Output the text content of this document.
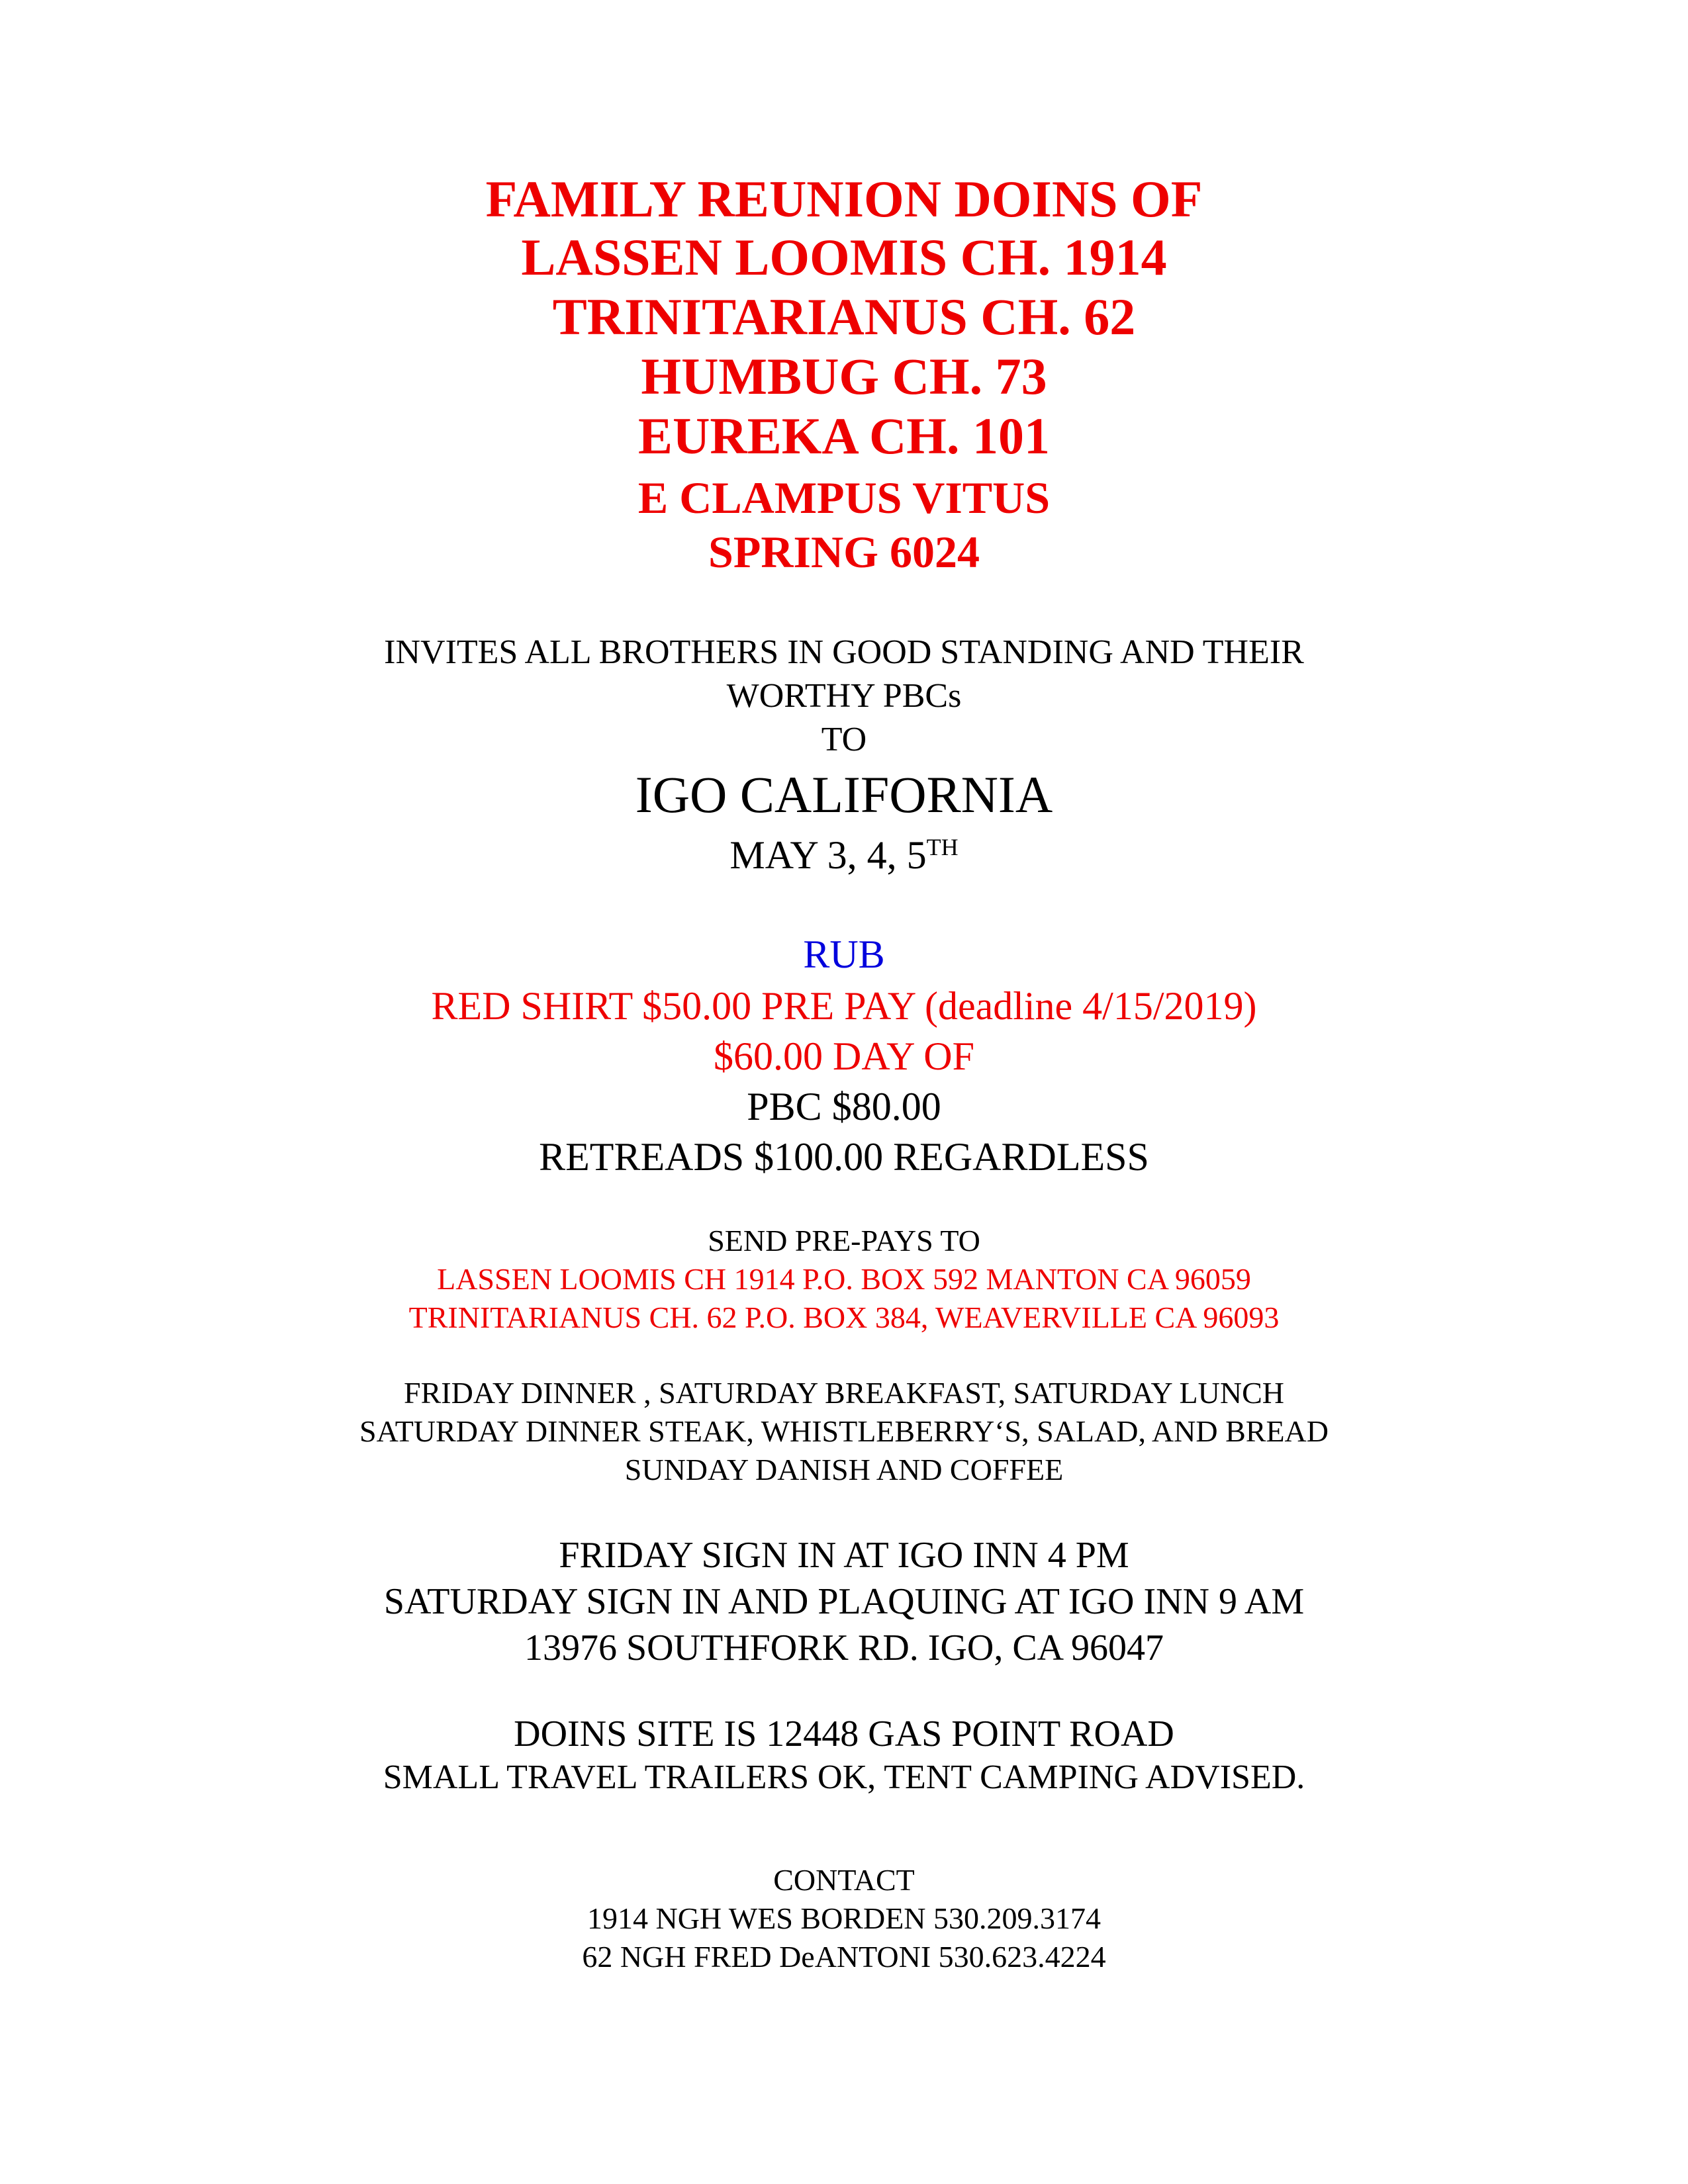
FAMILY REUNION DOINS OF
LASSEN LOOMIS CH. 1914
TRINITARIANUS CH. 62
HUMBUG CH. 73
EUREKA CH. 101
E CLAMPUS VITUS
SPRING 6024
INVITES ALL BROTHERS IN GOOD STANDING AND THEIR
WORTHY PBCs
TO
IGO CALIFORNIA
MAY 3, 4, 5TH
RUB
RED SHIRT $50.00 PRE PAY (deadline 4/15/2019)
$60.00 DAY OF
PBC $80.00
RETREADS $100.00 REGARDLESS
SEND PRE-PAYS TO
LASSEN LOOMIS CH 1914 P.O. BOX 592 MANTON CA 96059
TRINITARIANUS CH. 62 P.O. BOX 384, WEAVERVILLE CA 96093
FRIDAY DINNER , SATURDAY BREAKFAST, SATURDAY LUNCH
SATURDAY DINNER STEAK, WHISTLEBERRY‘S, SALAD, AND BREAD
SUNDAY DANISH AND COFFEE
FRIDAY SIGN IN AT IGO INN 4 PM
SATURDAY SIGN IN AND PLAQUING AT IGO INN 9 AM
13976 SOUTHFORK RD. IGO, CA 96047
DOINS SITE IS 12448 GAS POINT ROAD
SMALL TRAVEL TRAILERS OK, TENT CAMPING ADVISED.
CONTACT
1914 NGH WES BORDEN 530.209.3174
62 NGH FRED DeANTONI 530.623.4224
